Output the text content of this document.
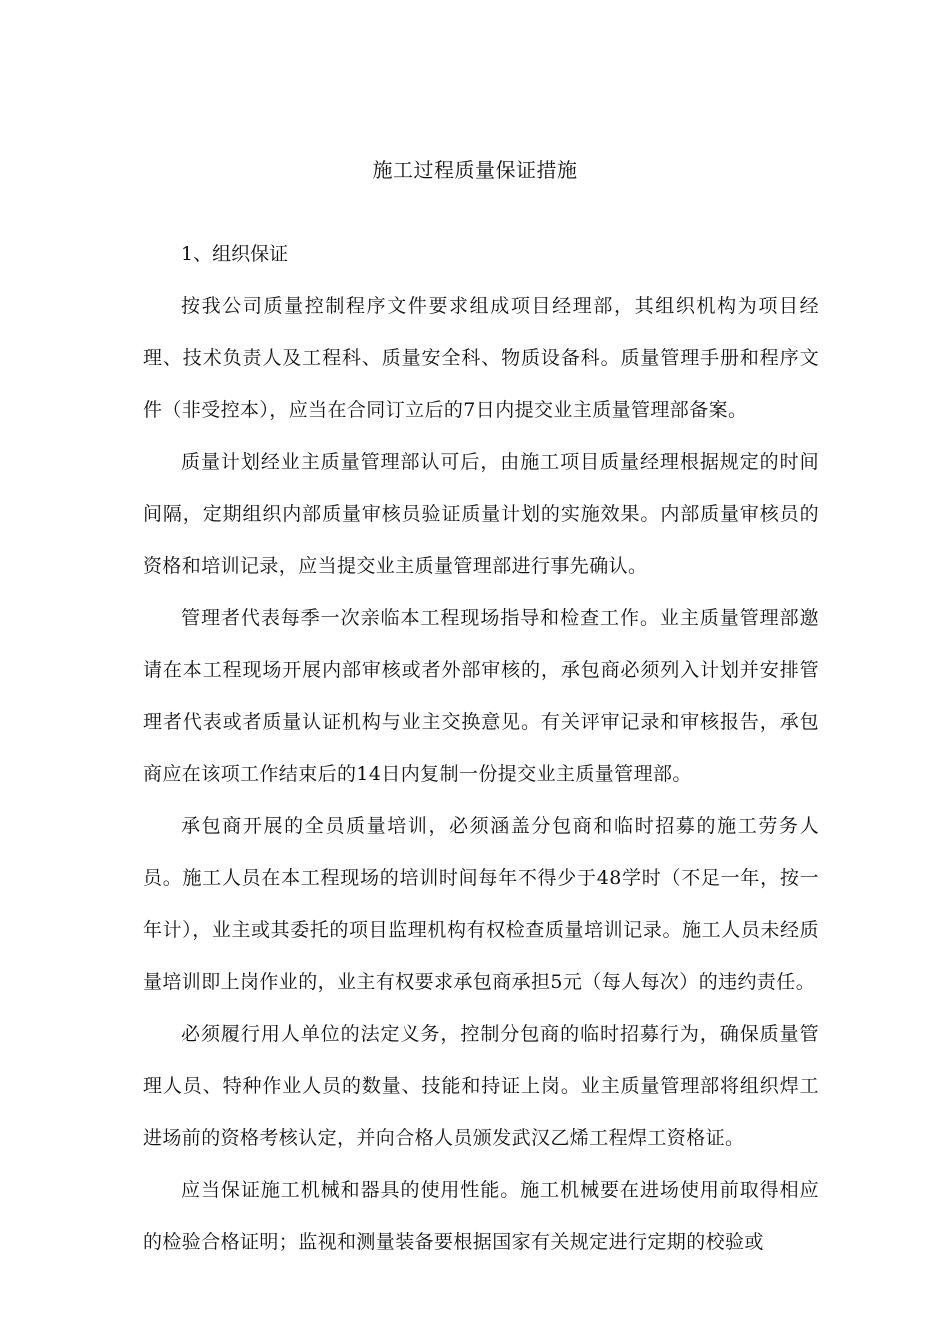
施工过程质量保证措施

1、组织保证

按我公司质量控制程序文件要求组成项目经理部，其组织机构为项目经理、技术负责人及工程科、质量安全科、物质设备科。质量管理手册和程序文件（非受控本），应当在合同订立后的7日内提交业主质量管理部备案。

质量计划经业主质量管理部认可后，由施工项目质量经理根据规定的时间间隔，定期组织内部质量审核员验证质量计划的实施效果。内部质量审核员的资格和培训记录，应当提交业主质量管理部进行事先确认。

管理者代表每季一次亲临本工程现场指导和检查工作。业主质量管理部邀请在本工程现场开展内部审核或者外部审核的，承包商必须列入计划并安排管理者代表或者质量认证机构与业主交换意见。有关评审记录和审核报告，承包商应在该项工作结束后的14日内复制一份提交业主质量管理部。

承包商开展的全员质量培训，必须涵盖分包商和临时招募的施工劳务人员。施工人员在本工程现场的培训时间每年不得少于48学时（不足一年，按一年计），业主或其委托的项目监理机构有权检查质量培训记录。施工人员未经质量培训即上岗作业的，业主有权要求承包商承担5元（每人每次）的违约责任。

必须履行用人单位的法定义务，控制分包商的临时招募行为，确保质量管理人员、特种作业人员的数量、技能和持证上岗。业主质量管理部将组织焊工进场前的资格考核认定，并向合格人员颁发武汉乙烯工程焊工资格证。

应当保证施工机械和器具的使用性能。施工机械要在进场使用前取得相应的检验合格证明；监视和测量装备要根据国家有关规定进行定期的校验或
